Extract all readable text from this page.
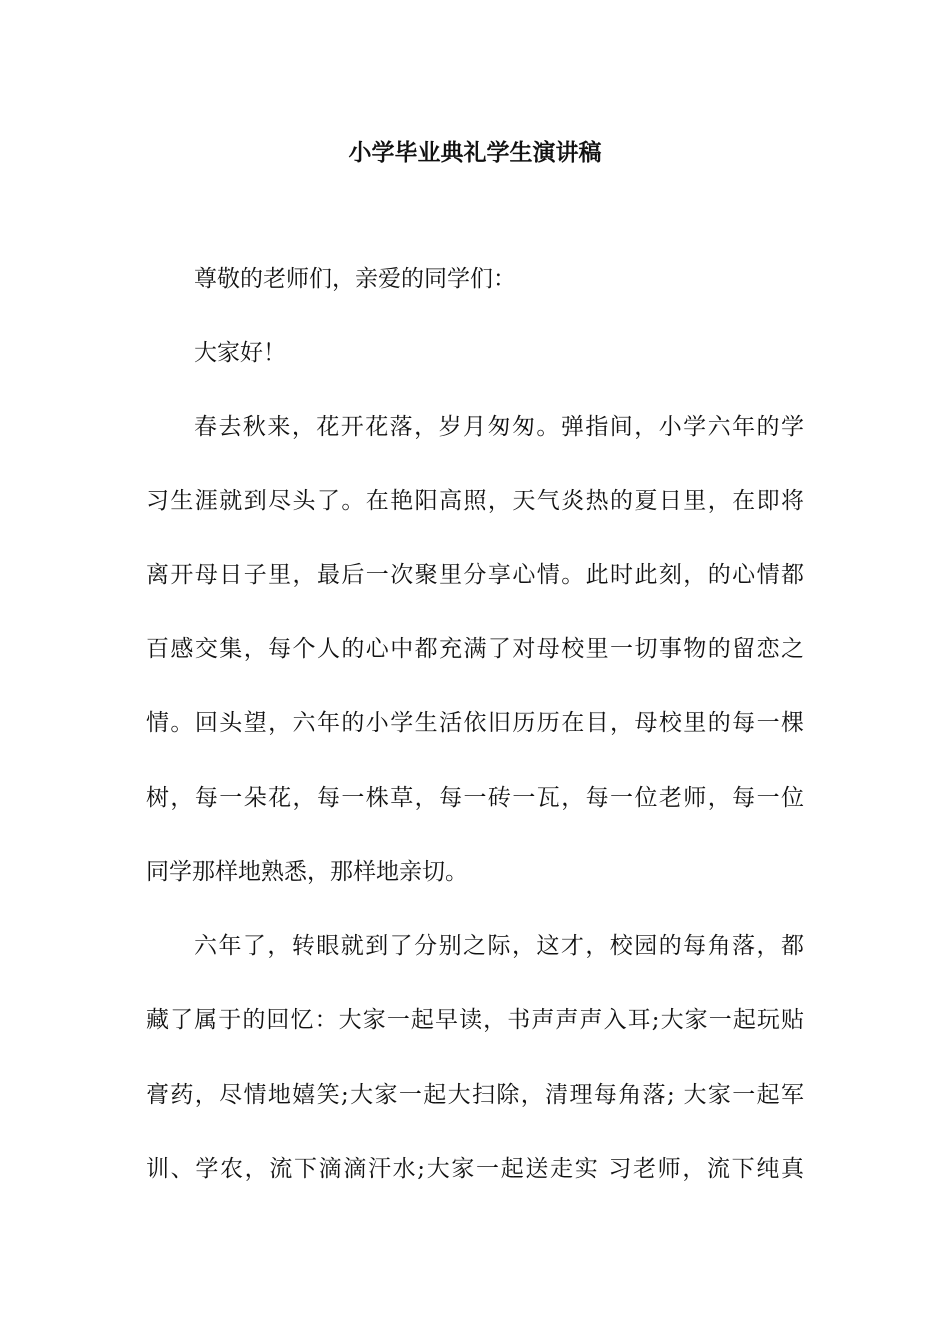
小学毕业典礼学生演讲稿
尊敬的老师们，亲爱的同学们：
大家好！
春去秋来，花开花落，岁月匆匆。弹指间，小学六年的学
习生涯就到尽头了。在艳阳高照，天气炎热的夏日里，在即将
离开母日子里，最后一次聚里分享心情。此时此刻，的心情都
百感交集，每个人的心中都充满了对母校里一切事物的留恋之
情。回头望，六年的小学生活依旧历历在目，母校里的每一棵
树，每一朵花，每一株草，每一砖一瓦，每一位老师，每一位
同学那样地熟悉，那样地亲切。
六年了，转眼就到了分别之际，这才，校园的每角落，都
藏了属于的回忆：大家一起早读，书声声声入耳;大家一起玩贴
膏药，尽情地嬉笑;大家一起大扫除，清理每角落; 大家一起军
训、学农，流下滴滴汗水;大家一起送走实 习老师，流下纯真
